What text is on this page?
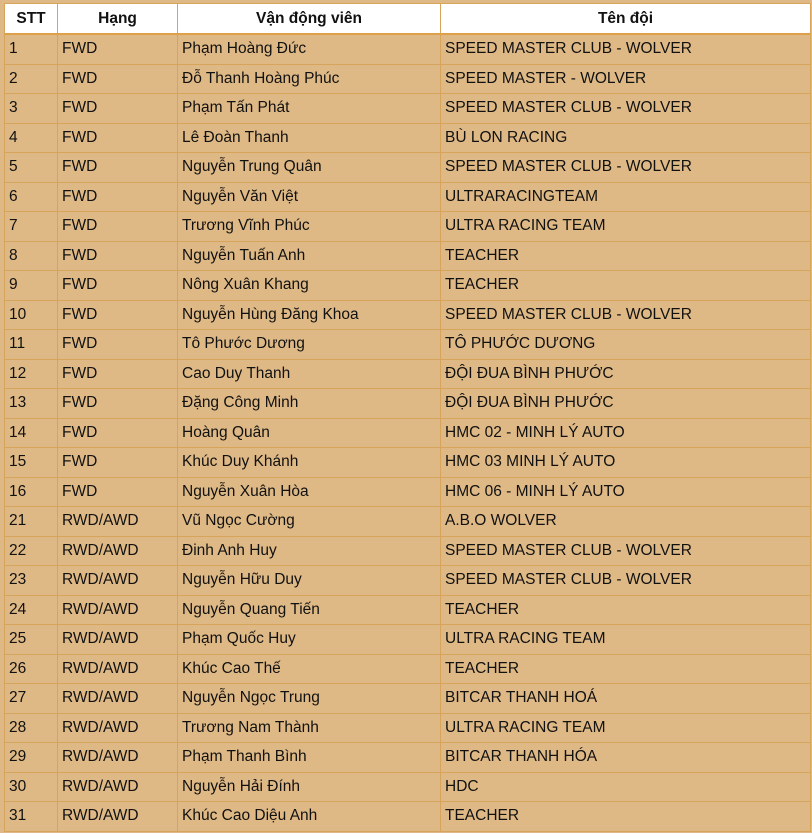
STT	Hạng	Vận động viên	Tên đội
1	FWD	Phạm Hoàng Đức	SPEED MASTER CLUB - WOLVER
2	FWD	Đỗ Thanh Hoàng Phúc	SPEED MASTER - WOLVER
3	FWD	Phạm Tấn Phát	SPEED MASTER CLUB - WOLVER
4	FWD	Lê Đoàn Thanh	BÙ LON RACING
5	FWD	Nguyễn Trung Quân	SPEED MASTER CLUB - WOLVER
6	FWD	Nguyễn Văn Việt	ULTRARACINGTEAM
7	FWD	Trương Vĩnh Phúc	ULTRA RACING TEAM
8	FWD	Nguyễn Tuấn Anh	TEACHER
9	FWD	Nông Xuân Khang	TEACHER
10	FWD	Nguyễn Hùng Đăng Khoa	SPEED MASTER CLUB - WOLVER
11	FWD	Tô Phước Dương	TÔ PHƯỚC DƯƠNG
12	FWD	Cao Duy Thanh	ĐỘI ĐUA BÌNH PHƯỚC
13	FWD	Đặng Công Minh	ĐỘI ĐUA BÌNH PHƯỚC
14	FWD	Hoàng Quân	HMC 02 - MINH LÝ AUTO
15	FWD	Khúc Duy Khánh	HMC 03 MINH LÝ AUTO
16	FWD	Nguyễn Xuân Hòa	HMC 06 - MINH LÝ AUTO
21	RWD/AWD	Vũ Ngọc Cường	A.B.O WOLVER
22	RWD/AWD	Đinh Anh Huy	SPEED MASTER CLUB - WOLVER
23	RWD/AWD	Nguyễn Hữu Duy	SPEED MASTER CLUB - WOLVER
24	RWD/AWD	Nguyễn Quang Tiến	TEACHER
25	RWD/AWD	Phạm Quốc Huy	ULTRA RACING TEAM
26	RWD/AWD	Khúc Cao Thế	TEACHER
27	RWD/AWD	Nguyễn Ngọc Trung	BITCAR THANH HOÁ
28	RWD/AWD	Trương Nam Thành	ULTRA RACING TEAM
29	RWD/AWD	Phạm Thanh Bình	BITCAR THANH HÓA
30	RWD/AWD	Nguyễn Hải Đính	HDC
31	RWD/AWD	Khúc Cao Diệu Anh	TEACHER
